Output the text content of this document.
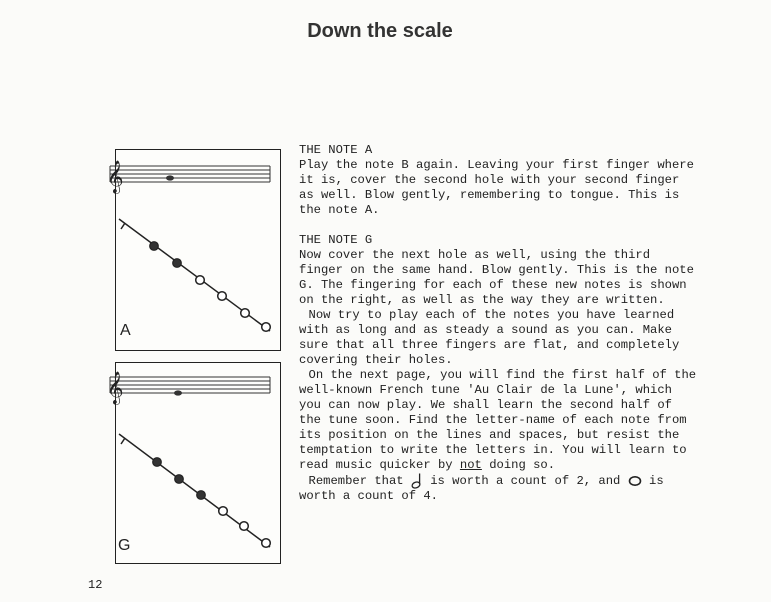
Down the scale
𝄞
A
𝄞
G
THE NOTE A
Play the note B again. Leaving your first finger where it is, cover the second hole with your second finger as well. Blow gently, remembering to tongue. This is the note A.
THE NOTE G
Now cover the next hole as well, using the third finger on the same hand. Blow gently. This is the note G. The fingering for each of these new notes is shown on the right, as well as the way they are written.
Now try to play each of the notes you have learned with as long and as steady a sound as you can. Make sure that all three fingers are flat, and completely covering their holes.
On the next page, you will find the first half of the well-known French tune 'Au Clair de la Lune', which you can now play. We shall learn the second half of the tune soon. Find the letter-name of each note from its position on the lines and spaces, but resist the temptation to write the letters in. You will learn to read music quicker by not doing so.
Remember that  is worth a count of 2, and  is worth a count of 4.
12
